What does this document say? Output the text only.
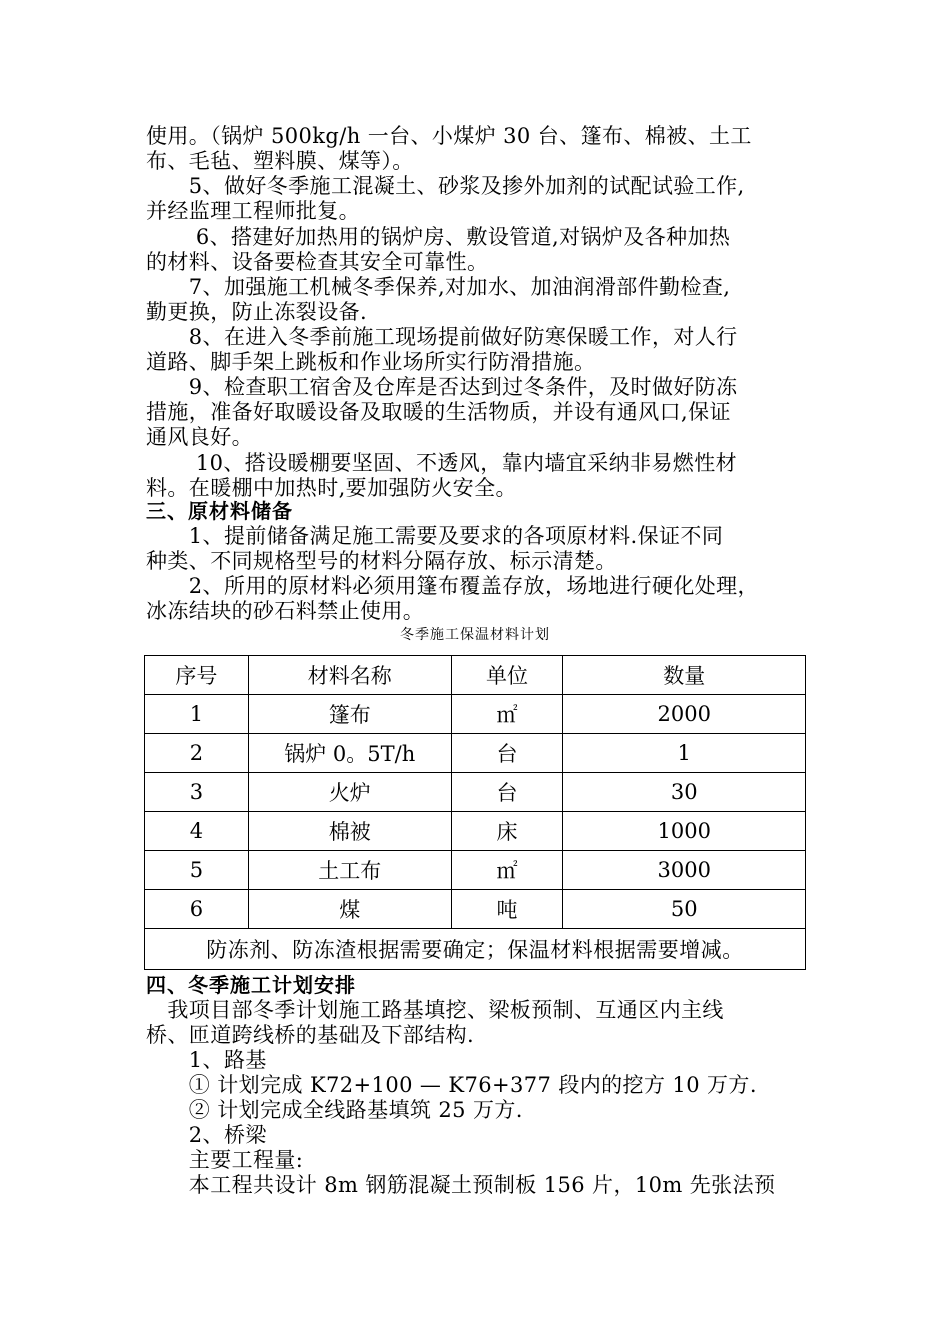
使用。（锅炉 500kg/h 一台、小煤炉 30 台、篷布、棉被、土工
布、毛毡、塑料膜、煤等）。
　　5、做好冬季施工混凝土、砂浆及掺外加剂的试配试验工作,
并经监理工程师批复。
　　 6、搭建好加热用的锅炉房、敷设管道,对锅炉及各种加热
的材料、设备要检查其安全可靠性。
　　7、加强施工机械冬季保养,对加水、加油润滑部件勤检查,
勤更换，防止冻裂设备.
　　8、在进入冬季前施工现场提前做好防寒保暖工作，对人行
道路、脚手架上跳板和作业场所实行防滑措施。
　　9、检查职工宿舍及仓库是否达到过冬条件，及时做好防冻
措施，准备好取暖设备及取暖的生活物质，并设有通风口,保证
通风良好。
　　 10、搭设暖棚要坚固、不透风，靠内墙宜采纳非易燃性材
料。在暖棚中加热时,要加强防火安全。
三、原材料储备
　　1、提前储备满足施工需要及要求的各项原材料.保证不同
种类、不同规格型号的材料分隔存放、标示清楚。
　　2、所用的原材料必须用篷布覆盖存放，场地进行硬化处理，
冰冻结块的砂石料禁止使用。
冬季施工保温材料计划
序号	材料名称	单位	数量
1	篷布	㎡	2000
2	锅炉 0。5T/h	台	1
3	火炉	台	30
4	棉被	床	1000
5	土工布	㎡	3000
6	煤	吨	50
防冻剂、防冻渣根据需要确定；保温材料根据需要增减。			
四、冬季施工计划安排
　我项目部冬季计划施工路基填挖、梁板预制、互通区内主线
桥、匝道跨线桥的基础及下部结构.
　　1、路基
　　① 计划完成 K72+100 — K76+377 段内的挖方 10 万方.
　　② 计划完成全线路基填筑 25 万方.
　　2、桥梁
　　主要工程量:
　　本工程共设计 8m 钢筋混凝土预制板 156 片，10m 先张法预
